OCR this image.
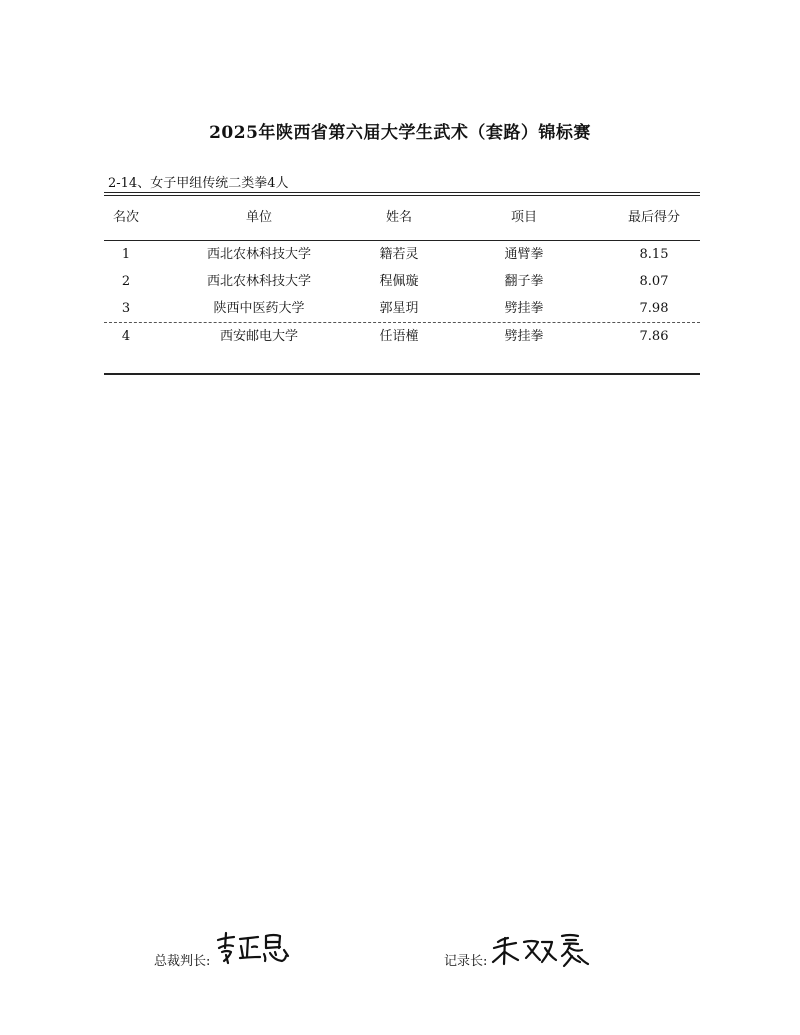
2025年陕西省第六届大学生武术（套路）锦标赛
2-14、女子甲组传统二类拳4人
名次	单位	姓名	项目	最后得分
1	西北农林科技大学	籍若灵	通臂拳	8.15
2	西北农林科技大学	程佩璇	翻子拳	8.07
3	陕西中医药大学	郭星玥	劈挂拳	7.98
4	西安邮电大学	任语橦	劈挂拳	7.86
总裁判长:	记录长:
